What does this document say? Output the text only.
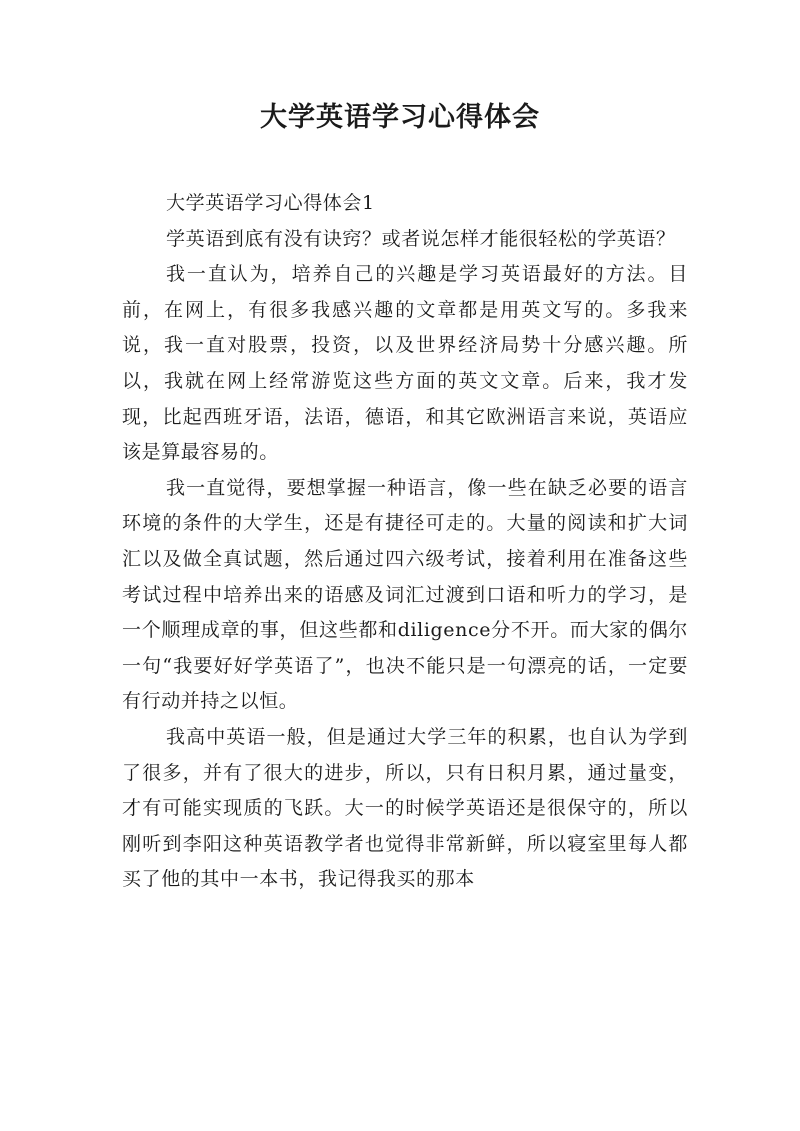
大学英语学习心得体会

大学英语学习心得体会1

学英语到底有没有诀窍？或者说怎样才能很轻松的学英语？

我一直认为，培养自己的兴趣是学习英语最好的方法。目前，在网上，有很多我感兴趣的文章都是用英文写的。多我来说，我一直对股票，投资，以及世界经济局势十分感兴趣。所以，我就在网上经常游览这些方面的英文文章。后来，我才发现，比起西班牙语，法语，德语，和其它欧洲语言来说，英语应该是算最容易的。

我一直觉得，要想掌握一种语言，像一些在缺乏必要的语言环境的条件的大学生，还是有捷径可走的。大量的阅读和扩大词汇以及做全真试题，然后通过四六级考试，接着利用在准备这些考试过程中培养出来的语感及词汇过渡到口语和听力的学习，是一个顺理成章的事，但这些都和diligence分不开。而大家的偶尔一句“我要好好学英语了”，也决不能只是一句漂亮的话，一定要有行动并持之以恒。

我高中英语一般，但是通过大学三年的积累，也自认为学到了很多，并有了很大的进步，所以，只有日积月累，通过量变，才有可能实现质的飞跃。大一的时候学英语还是很保守的，所以刚听到李阳这种英语教学者也觉得非常新鲜，所以寝室里每人都买了他的其中一本书，我记得我买的那本
